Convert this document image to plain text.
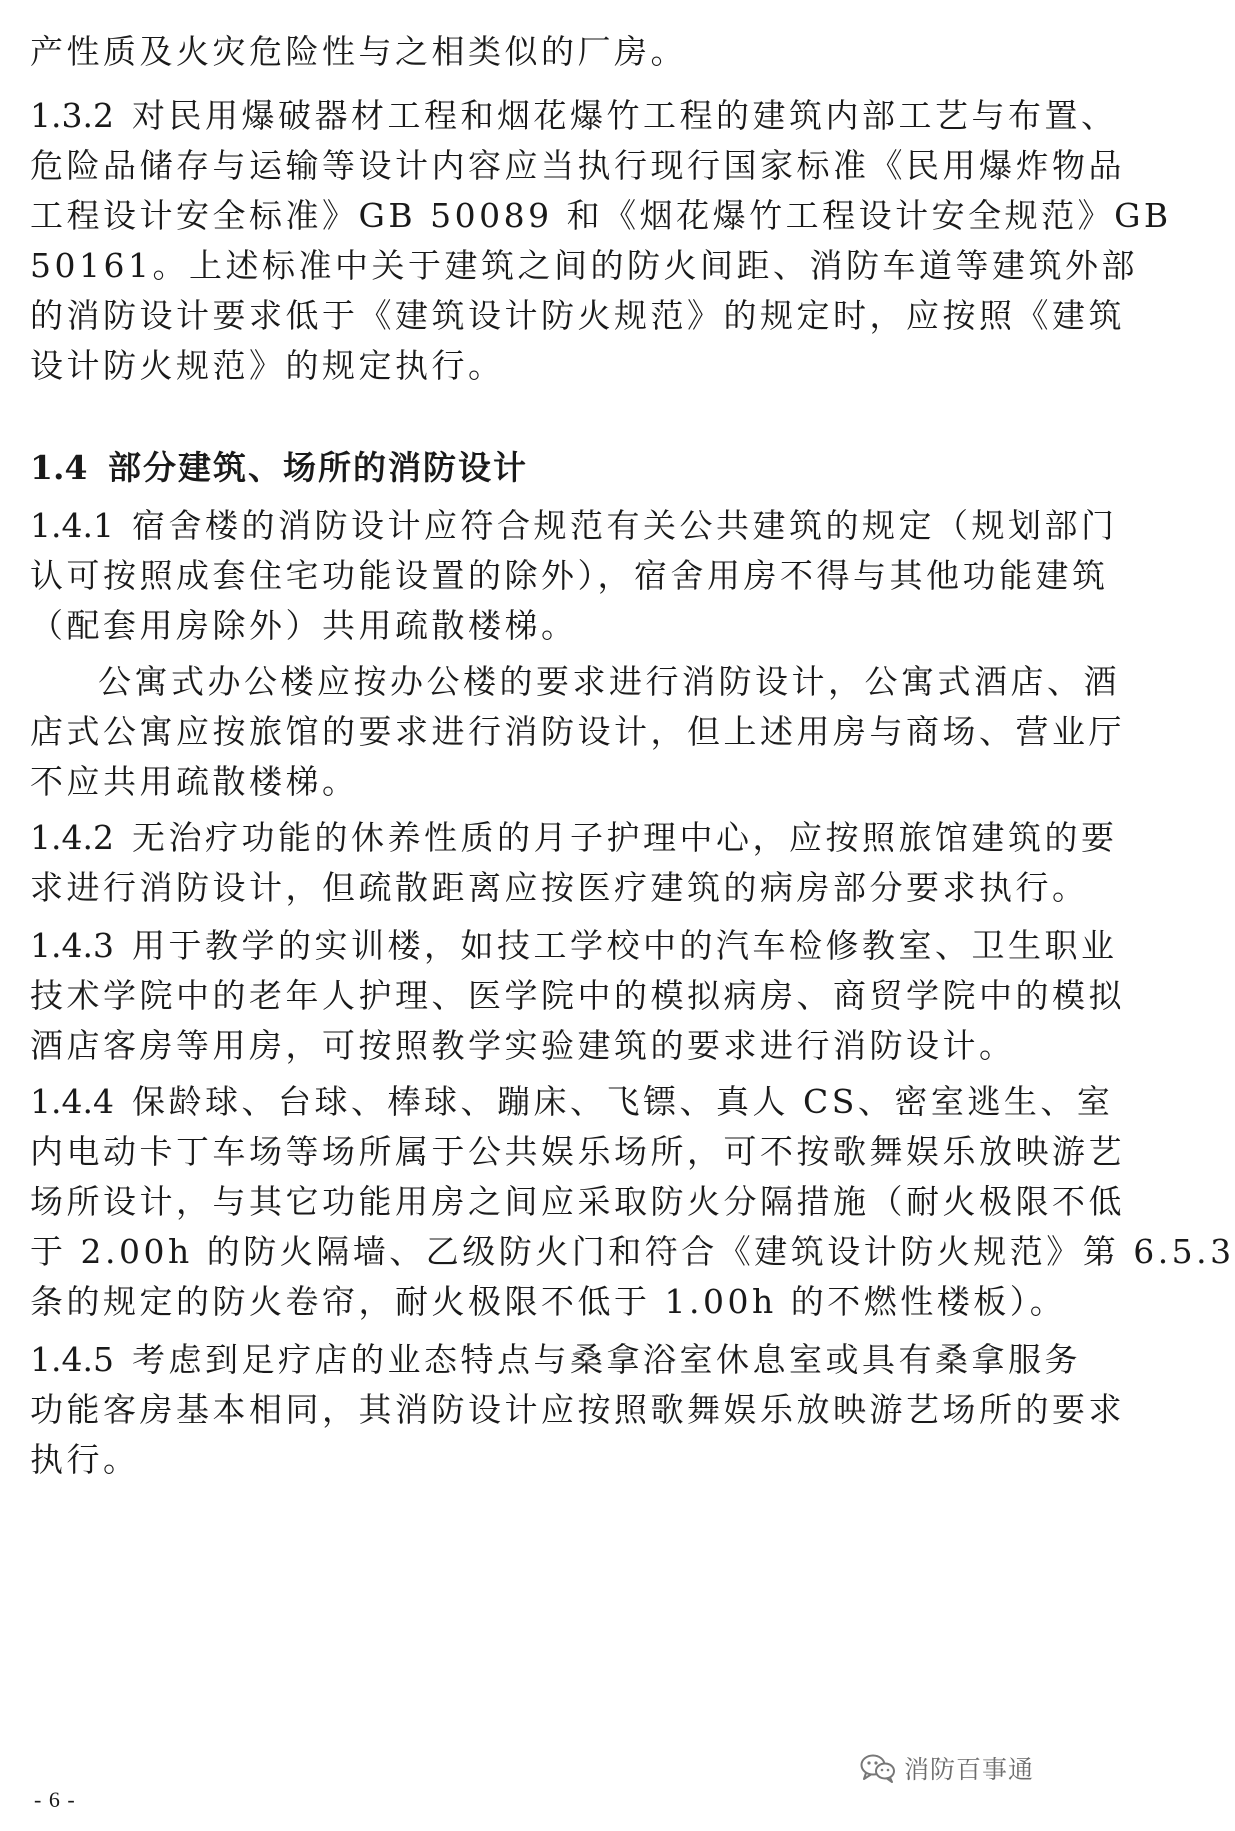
产性质及火灾危险性与之相类似的厂房。
1.3.2 对民用爆破器材工程和烟花爆竹工程的建筑内部工艺与布置、
危险品储存与运输等设计内容应当执行现行国家标准《民用爆炸物品
工程设计安全标准》GB 50089 和《烟花爆竹工程设计安全规范》GB
50161。上述标准中关于建筑之间的防火间距、消防车道等建筑外部
的消防设计要求低于《建筑设计防火规范》的规定时，应按照《建筑
设计防火规范》的规定执行。
1.4 部分建筑、场所的消防设计
1.4.1 宿舍楼的消防设计应符合规范有关公共建筑的规定（规划部门
认可按照成套住宅功能设置的除外），宿舍用房不得与其他功能建筑
（配套用房除外）共用疏散楼梯。
公寓式办公楼应按办公楼的要求进行消防设计，公寓式酒店、酒
店式公寓应按旅馆的要求进行消防设计，但上述用房与商场、营业厅
不应共用疏散楼梯。
1.4.2 无治疗功能的休养性质的月子护理中心，应按照旅馆建筑的要
求进行消防设计，但疏散距离应按医疗建筑的病房部分要求执行。
1.4.3 用于教学的实训楼，如技工学校中的汽车检修教室、卫生职业
技术学院中的老年人护理、医学院中的模拟病房、商贸学院中的模拟
酒店客房等用房，可按照教学实验建筑的要求进行消防设计。
1.4.4 保龄球、台球、棒球、蹦床、飞镖、真人 CS、密室逃生、室
内电动卡丁车场等场所属于公共娱乐场所，可不按歌舞娱乐放映游艺
场所设计，与其它功能用房之间应采取防火分隔措施（耐火极限不低
于 2.00h 的防火隔墙、乙级防火门和符合《建筑设计防火规范》第 6.5.3
条的规定的防火卷帘，耐火极限不低于 1.00h 的不燃性楼板）。
1.4.5 考虑到足疗店的业态特点与桑拿浴室休息室或具有桑拿服务
功能客房基本相同，其消防设计应按照歌舞娱乐放映游艺场所的要求
执行。
消防百事通
- 6 -
